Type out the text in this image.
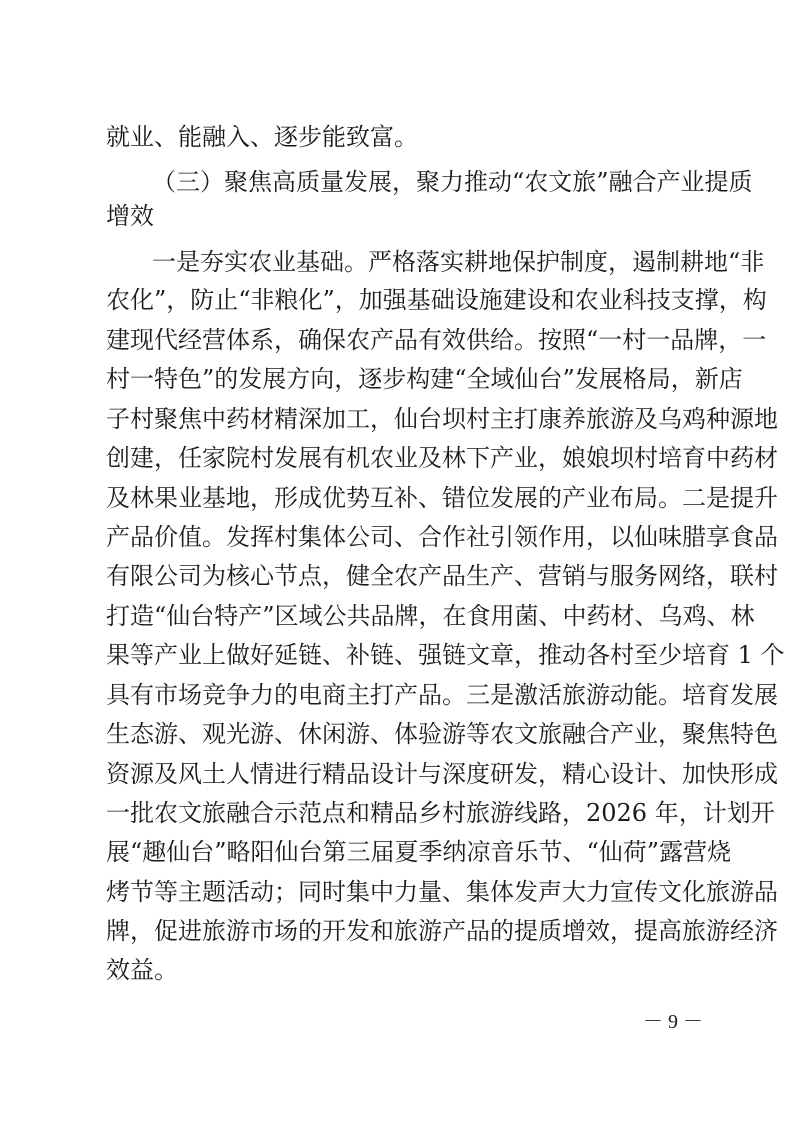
就业、能融入、逐步能致富。
（三）聚焦高质量发展，聚力推动“农文旅”融合产业提质
增效
一是夯实农业基础。严格落实耕地保护制度，遏制耕地“非
农化”，防止“非粮化”，加强基础设施建设和农业科技支撑，构
建现代经营体系，确保农产品有效供给。按照“一村一品牌，一
村一特色”的发展方向，逐步构建“全域仙台”发展格局，新店
子村聚焦中药材精深加工，仙台坝村主打康养旅游及乌鸡种源地
创建，任家院村发展有机农业及林下产业，娘娘坝村培育中药材
及林果业基地，形成优势互补、错位发展的产业布局。二是提升
产品价值。发挥村集体公司、合作社引领作用，以仙味腊享食品
有限公司为核心节点，健全农产品生产、营销与服务网络，联村
打造“仙台特产”区域公共品牌，在食用菌、中药材、乌鸡、林
果等产业上做好延链、补链、强链文章，推动各村至少培育 1 个
具有市场竞争力的电商主打产品。三是激活旅游动能。培育发展
生态游、观光游、休闲游、体验游等农文旅融合产业，聚焦特色
资源及风土人情进行精品设计与深度研发，精心设计、加快形成
一批农文旅融合示范点和精品乡村旅游线路，2026 年，计划开
展“趣仙台”略阳仙台第三届夏季纳凉音乐节、“仙荷”露营烧
烤节等主题活动；同时集中力量、集体发声大力宣传文化旅游品
牌，促进旅游市场的开发和旅游产品的提质增效，提高旅游经济
效益。
－ 9 －
